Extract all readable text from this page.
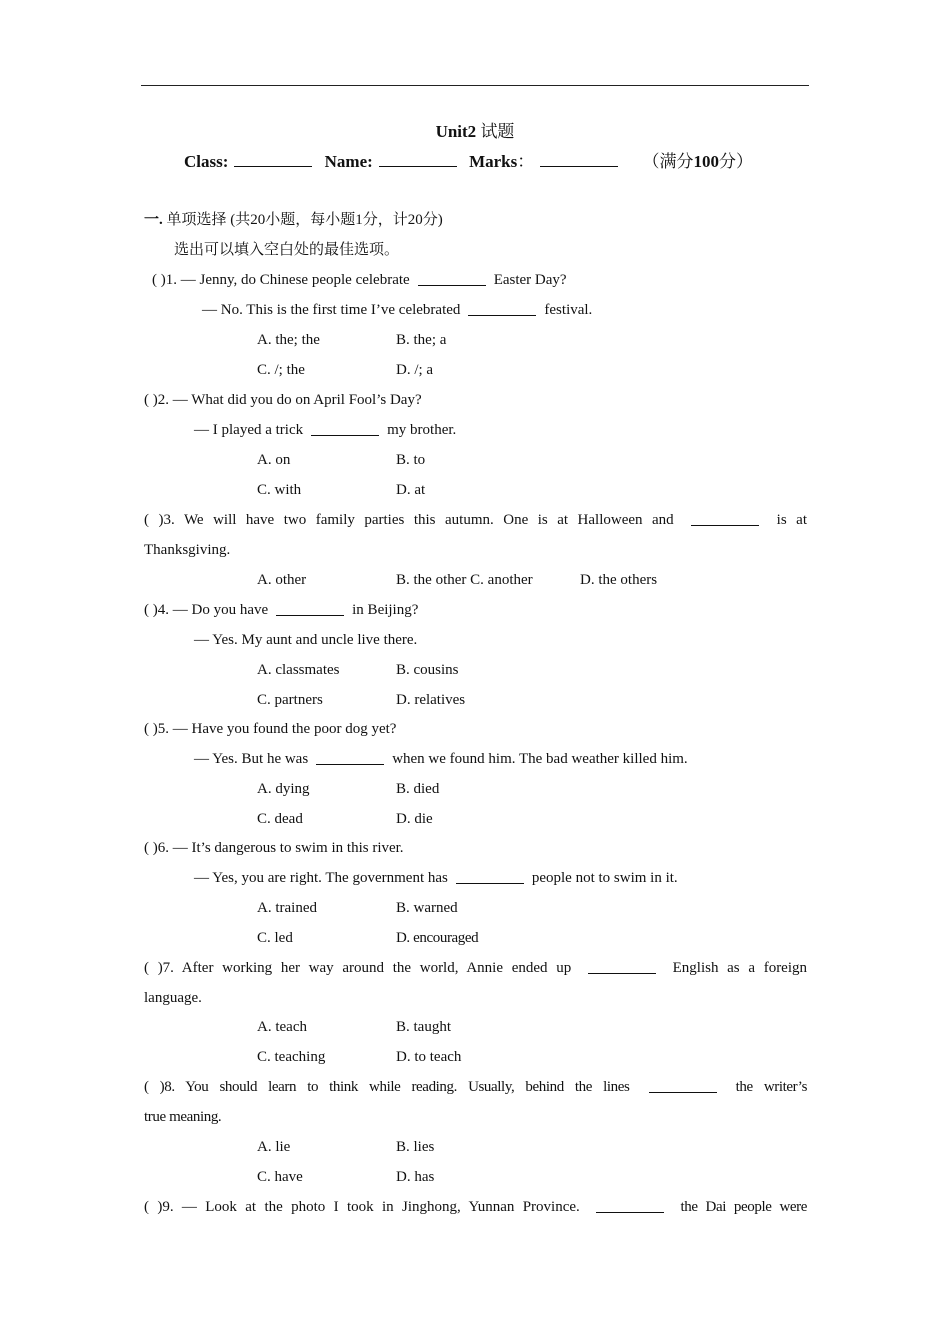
Unit2 试题
Class:	Name:	Marks：	（满分100分）
一. 单项选择 (共20小题，每小题1分，计20分)
选出可以填入空白处的最佳选项。
( )1. — Jenny, do Chinese people celebrate	Easter Day?
— No. This is the first time I’ve celebrated	festival.
A. the; the	B. the; a
C. /; the	D. /; a
( )2. — What did you do on April Fool’s Day?
— I played a trick	my brother.
A. on	B. to
C. with	D. at
( )3. We will have two family parties this autumn. One is at Halloween and	is at
Thanksgiving.
A. other	B. the other C. another	D. the others
( )4. — Do you have	in Beijing?
— Yes. My aunt and uncle live there.
A. classmates	B. cousins
C. partners	D. relatives
( )5. — Have you found the poor dog yet?
— Yes. But he was	when we found him. The bad weather killed him.
A. dying	B. died
C. dead	D. die
( )6. — It’s dangerous to swim in this river.
— Yes, you are right. The government has	people not to swim in it.
A. trained	B. warned
C. led	D. encouraged
( )7. After working her way around the world, Annie ended up	English as a foreign
language.
A. teach	B. taught
C. teaching	D. to teach
( )8. You should learn to think while reading. Usually, behind the lines	the writer’s
true meaning.
A. lie	B. lies
C. have	D. has
( )9. — Look at the photo I took in Jinghong, Yunnan Province.	the Dai people were
